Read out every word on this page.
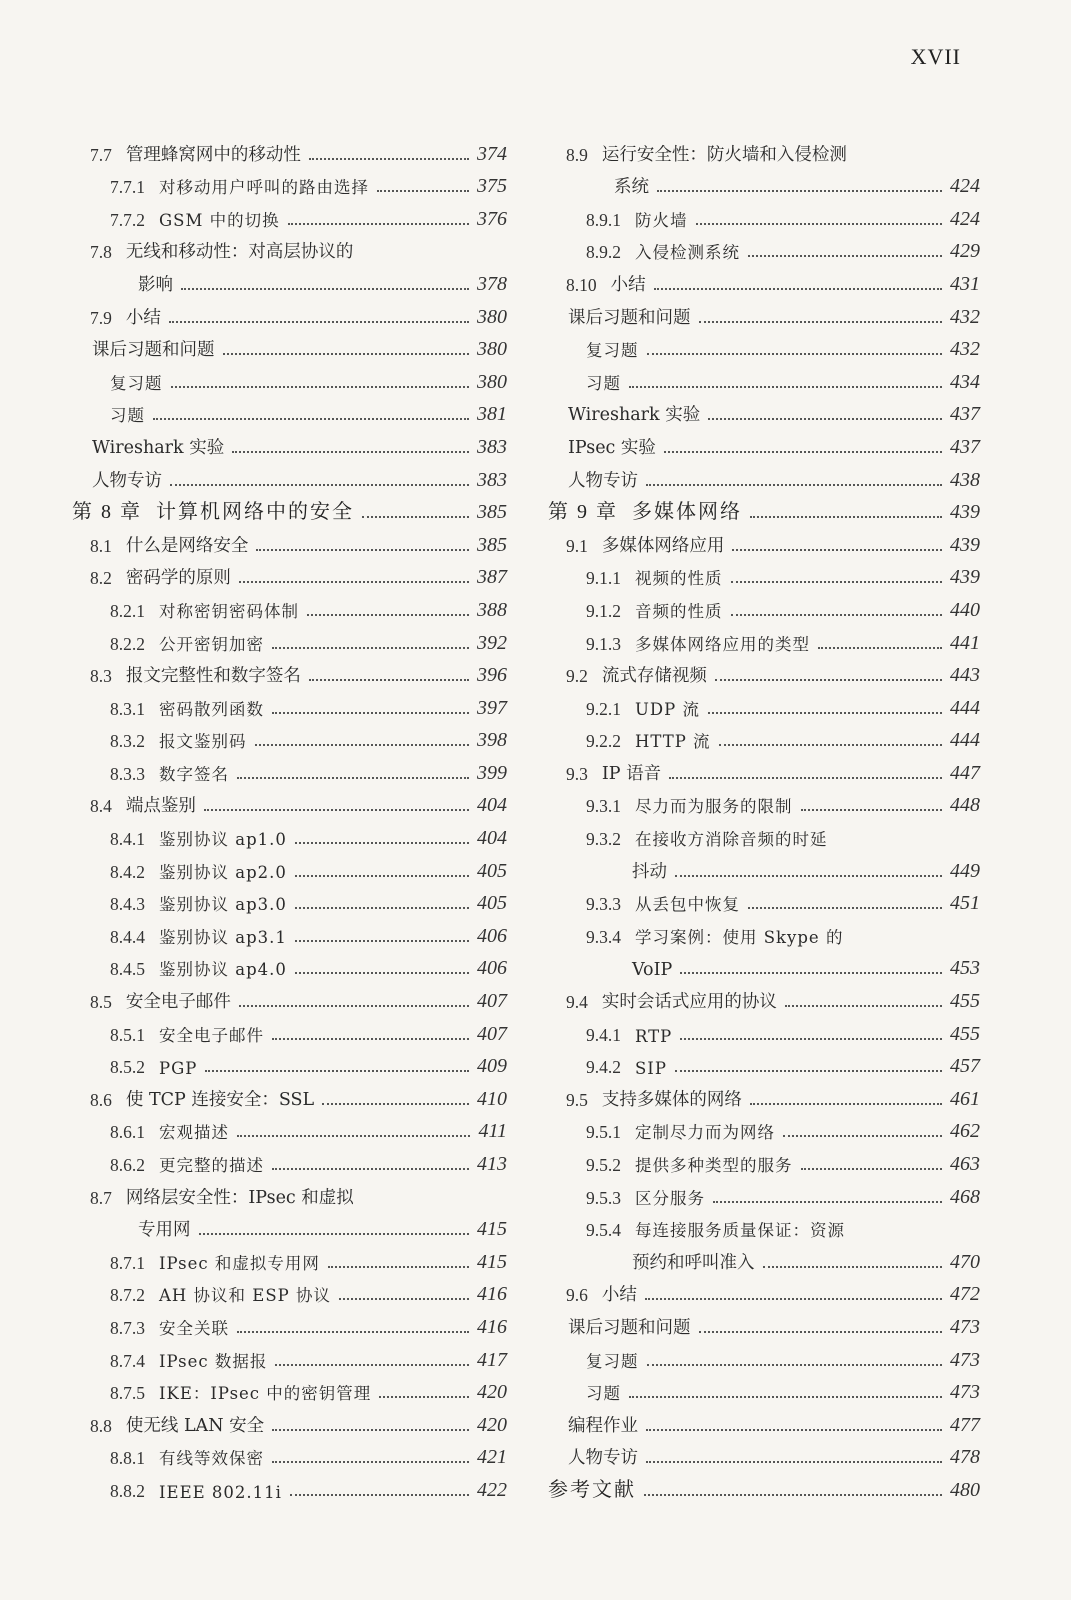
XVII
7.7 管理蜂窝网中的移动性	374
7.7.1 对移动用户呼叫的路由选择	375
7.7.2 GSM 中的切换	376
7.8 无线和移动性：对高层协议的
影响	378
7.9 小结	380
课后习题和问题	380
复习题	380
习题	381
Wireshark 实验	383
人物专访	383
第 8 章 计算机网络中的安全	385
8.1 什么是网络安全	385
8.2 密码学的原则	387
8.2.1 对称密钥密码体制	388
8.2.2 公开密钥加密	392
8.3 报文完整性和数字签名	396
8.3.1 密码散列函数	397
8.3.2 报文鉴别码	398
8.3.3 数字签名	399
8.4 端点鉴别	404
8.4.1 鉴别协议 ap1.0	404
8.4.2 鉴别协议 ap2.0	405
8.4.3 鉴别协议 ap3.0	405
8.4.4 鉴别协议 ap3.1	406
8.4.5 鉴别协议 ap4.0	406
8.5 安全电子邮件	407
8.5.1 安全电子邮件	407
8.5.2 PGP	409
8.6 使 TCP 连接安全：SSL	410
8.6.1 宏观描述	411
8.6.2 更完整的描述	413
8.7 网络层安全性：IPsec 和虚拟
专用网	415
8.7.1 IPsec 和虚拟专用网	415
8.7.2 AH 协议和 ESP 协议	416
8.7.3 安全关联	416
8.7.4 IPsec 数据报	417
8.7.5 IKE：IPsec 中的密钥管理	420
8.8 使无线 LAN 安全	420
8.8.1 有线等效保密	421
8.8.2 IEEE 802.11i	422
8.9 运行安全性：防火墙和入侵检测
系统	424
8.9.1 防火墙	424
8.9.2 入侵检测系统	429
8.10 小结	431
课后习题和问题	432
复习题	432
习题	434
Wireshark 实验	437
IPsec 实验	437
人物专访	438
第 9 章 多媒体网络	439
9.1 多媒体网络应用	439
9.1.1 视频的性质	439
9.1.2 音频的性质	440
9.1.3 多媒体网络应用的类型	441
9.2 流式存储视频	443
9.2.1 UDP 流	444
9.2.2 HTTP 流	444
9.3 IP 语音	447
9.3.1 尽力而为服务的限制	448
9.3.2 在接收方消除音频的时延
抖动	449
9.3.3 从丢包中恢复	451
9.3.4 学习案例：使用 Skype 的
VoIP	453
9.4 实时会话式应用的协议	455
9.4.1 RTP	455
9.4.2 SIP	457
9.5 支持多媒体的网络	461
9.5.1 定制尽力而为网络	462
9.5.2 提供多种类型的服务	463
9.5.3 区分服务	468
9.5.4 每连接服务质量保证：资源
预约和呼叫准入	470
9.6 小结	472
课后习题和问题	473
复习题	473
习题	473
编程作业	477
人物专访	478
参考文献	480
